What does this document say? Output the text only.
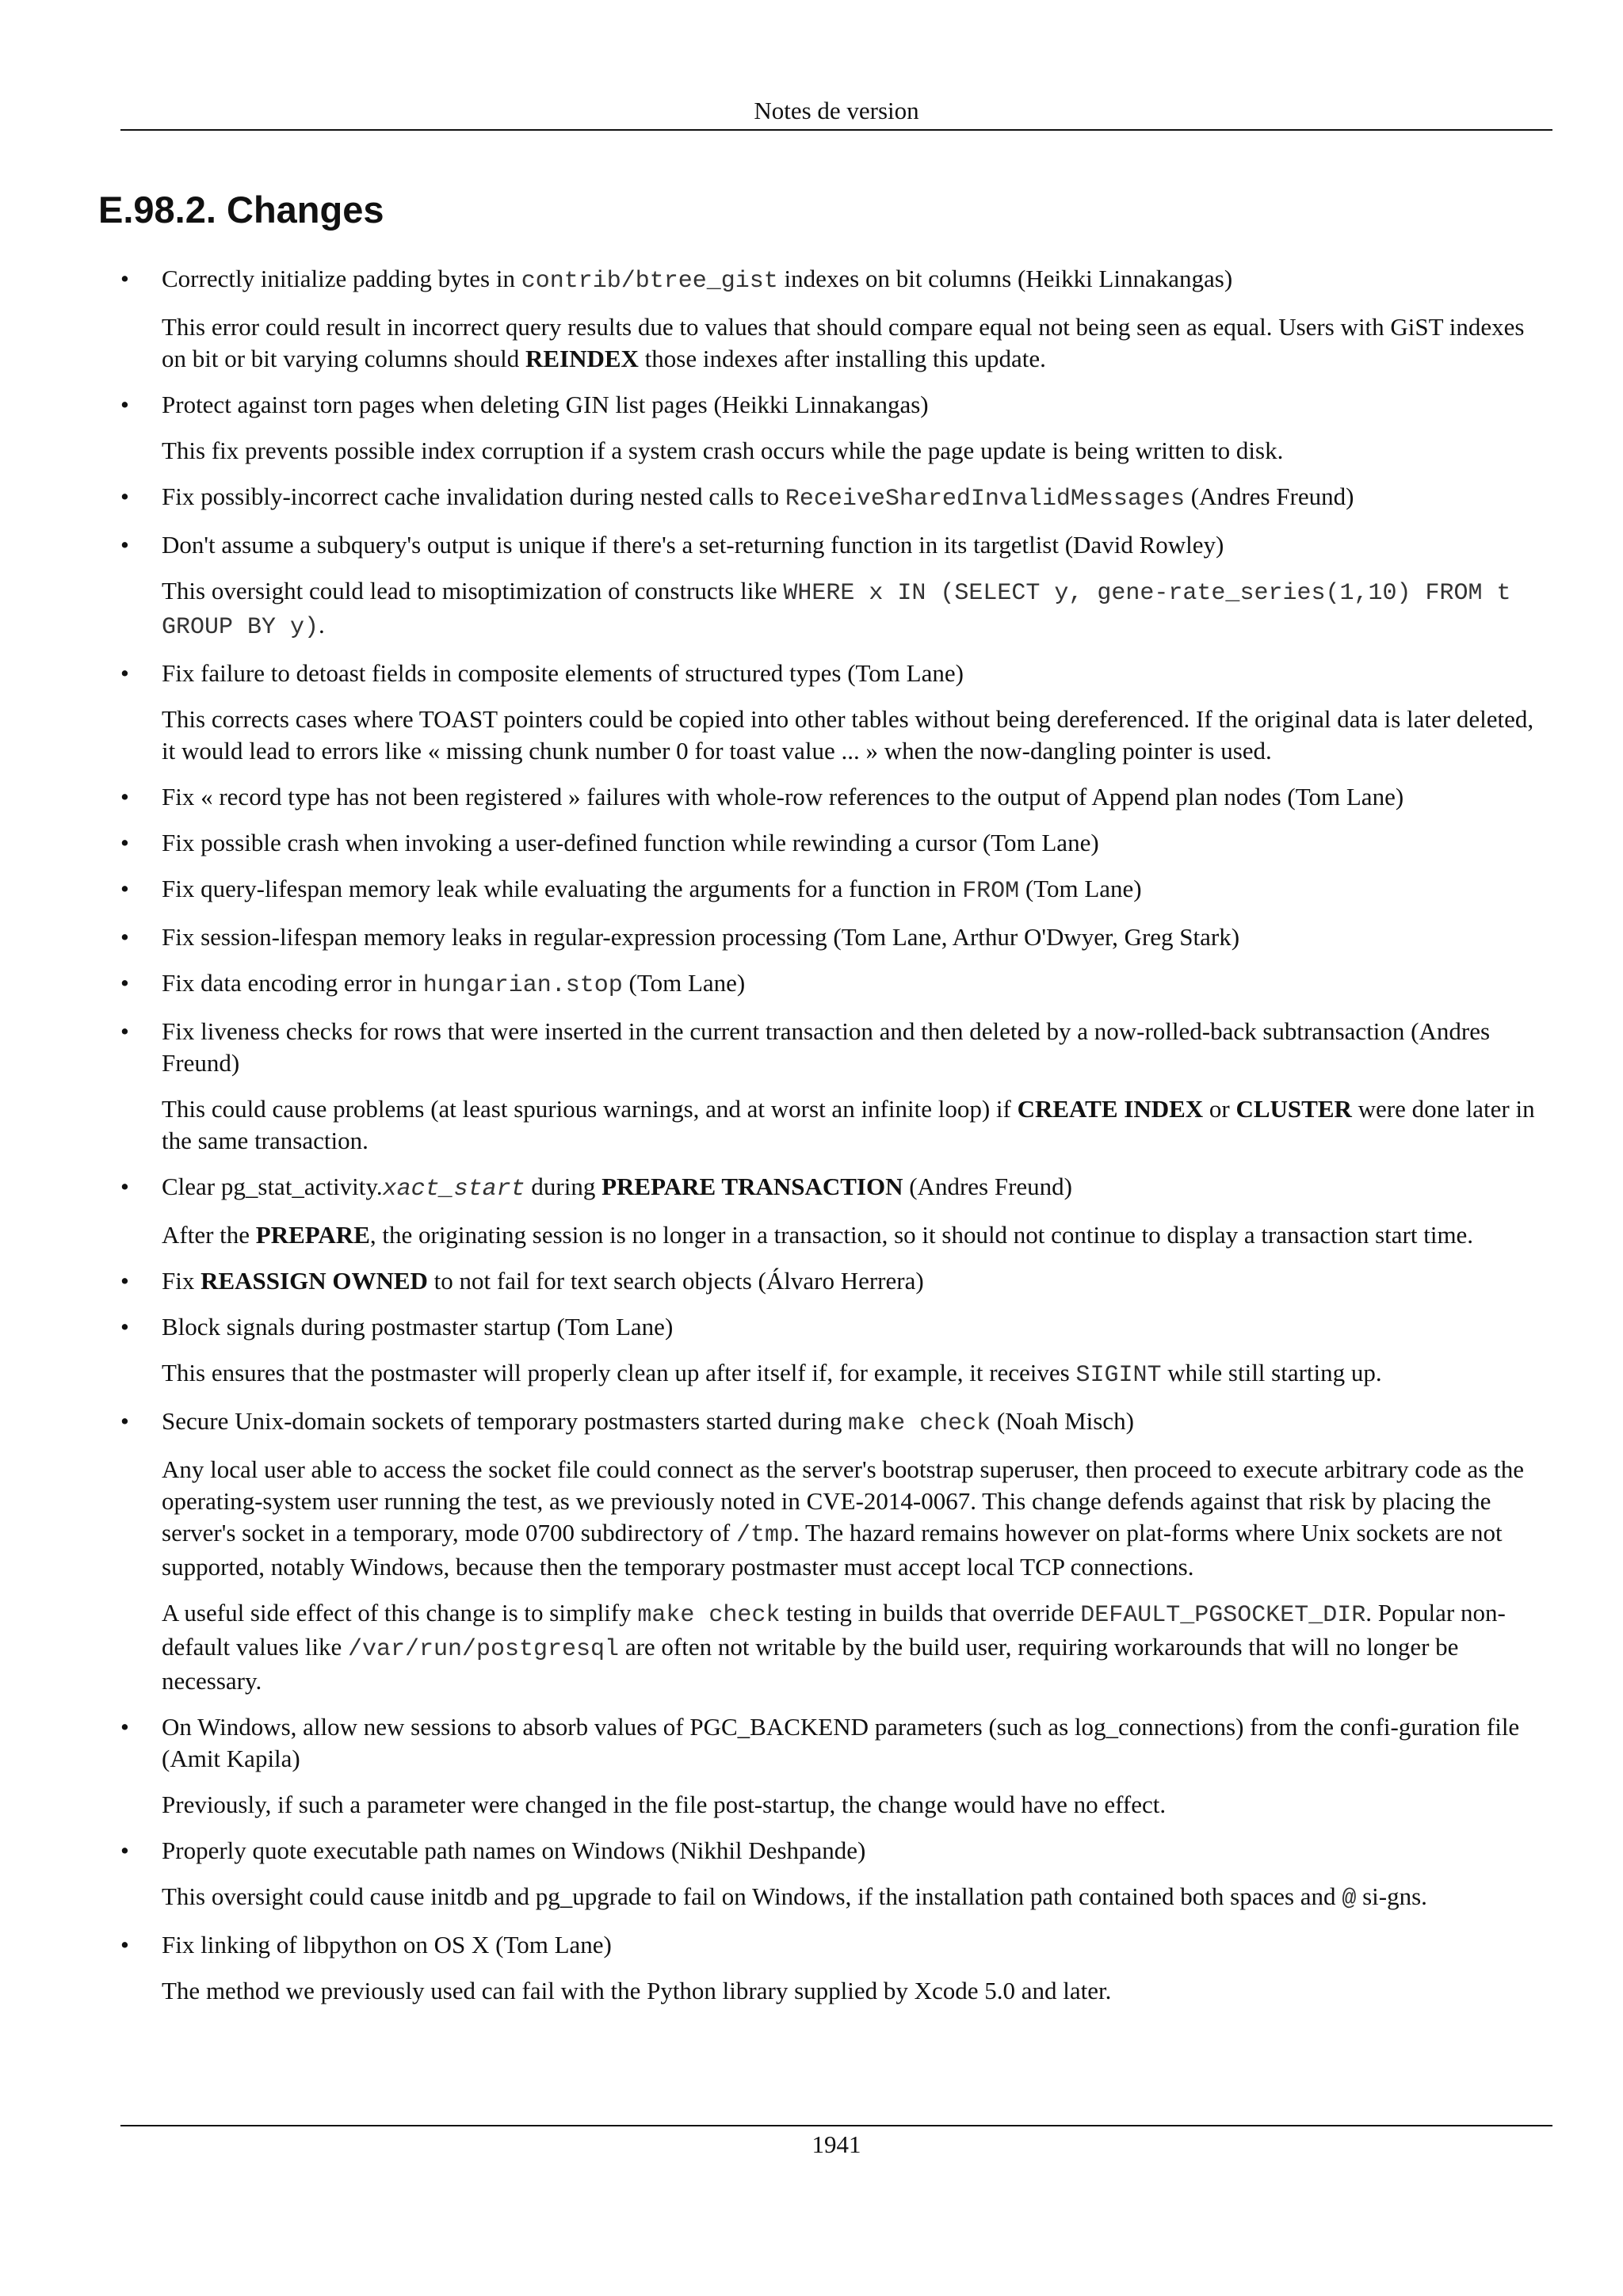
Notes de version
E.98.2. Changes
•	Correctly initialize padding bytes in contrib/btree_gist indexes on bit columns (Heikki Linnakangas)
This error could result in incorrect query results due to values that should compare equal not being seen as equal. Users with GiST indexes on bit or bit varying columns should REINDEX those indexes after installing this update.
•	Protect against torn pages when deleting GIN list pages (Heikki Linnakangas)
This fix prevents possible index corruption if a system crash occurs while the page update is being written to disk.
•	Fix possibly-incorrect cache invalidation during nested calls to ReceiveSharedInvalidMessages (Andres Freund)
•	Don't assume a subquery's output is unique if there's a set-returning function in its targetlist (David Rowley)
This oversight could lead to misoptimization of constructs like WHERE x IN (SELECT y, gene-rate_series(1,10) FROM t GROUP BY y).
•	Fix failure to detoast fields in composite elements of structured types (Tom Lane)
This corrects cases where TOAST pointers could be copied into other tables without being dereferenced. If the original data is later deleted, it would lead to errors like « missing chunk number 0 for toast value ... » when the now-dangling pointer is used.
•	Fix « record type has not been registered » failures with whole-row references to the output of Append plan nodes (Tom Lane)
•	Fix possible crash when invoking a user-defined function while rewinding a cursor (Tom Lane)
•	Fix query-lifespan memory leak while evaluating the arguments for a function in FROM (Tom Lane)
•	Fix session-lifespan memory leaks in regular-expression processing (Tom Lane, Arthur O'Dwyer, Greg Stark)
•	Fix data encoding error in hungarian.stop (Tom Lane)
•	Fix liveness checks for rows that were inserted in the current transaction and then deleted by a now-rolled-back subtransaction (Andres Freund)
This could cause problems (at least spurious warnings, and at worst an infinite loop) if CREATE INDEX or CLUSTER were done later in the same transaction.
•	Clear pg_stat_activity.xact_start during PREPARE TRANSACTION (Andres Freund)
After the PREPARE, the originating session is no longer in a transaction, so it should not continue to display a transaction start time.
•	Fix REASSIGN OWNED to not fail for text search objects (Álvaro Herrera)
•	Block signals during postmaster startup (Tom Lane)
This ensures that the postmaster will properly clean up after itself if, for example, it receives SIGINT while still starting up.
•	Secure Unix-domain sockets of temporary postmasters started during make check (Noah Misch)
Any local user able to access the socket file could connect as the server's bootstrap superuser, then proceed to execute arbitrary code as the operating-system user running the test, as we previously noted in CVE-2014-0067. This change defends against that risk by placing the server's socket in a temporary, mode 0700 subdirectory of /tmp. The hazard remains however on plat-forms where Unix sockets are not supported, notably Windows, because then the temporary postmaster must accept local TCP connections.
A useful side effect of this change is to simplify make check testing in builds that override DEFAULT_PGSOCKET_DIR. Popular non-default values like /var/run/postgresql are often not writable by the build user, requiring workarounds that will no longer be necessary.
•	On Windows, allow new sessions to absorb values of PGC_BACKEND parameters (such as log_connections) from the confi-guration file (Amit Kapila)
Previously, if such a parameter were changed in the file post-startup, the change would have no effect.
•	Properly quote executable path names on Windows (Nikhil Deshpande)
This oversight could cause initdb and pg_upgrade to fail on Windows, if the installation path contained both spaces and @ si-gns.
•	Fix linking of libpython on OS X (Tom Lane)
The method we previously used can fail with the Python library supplied by Xcode 5.0 and later.
1941
